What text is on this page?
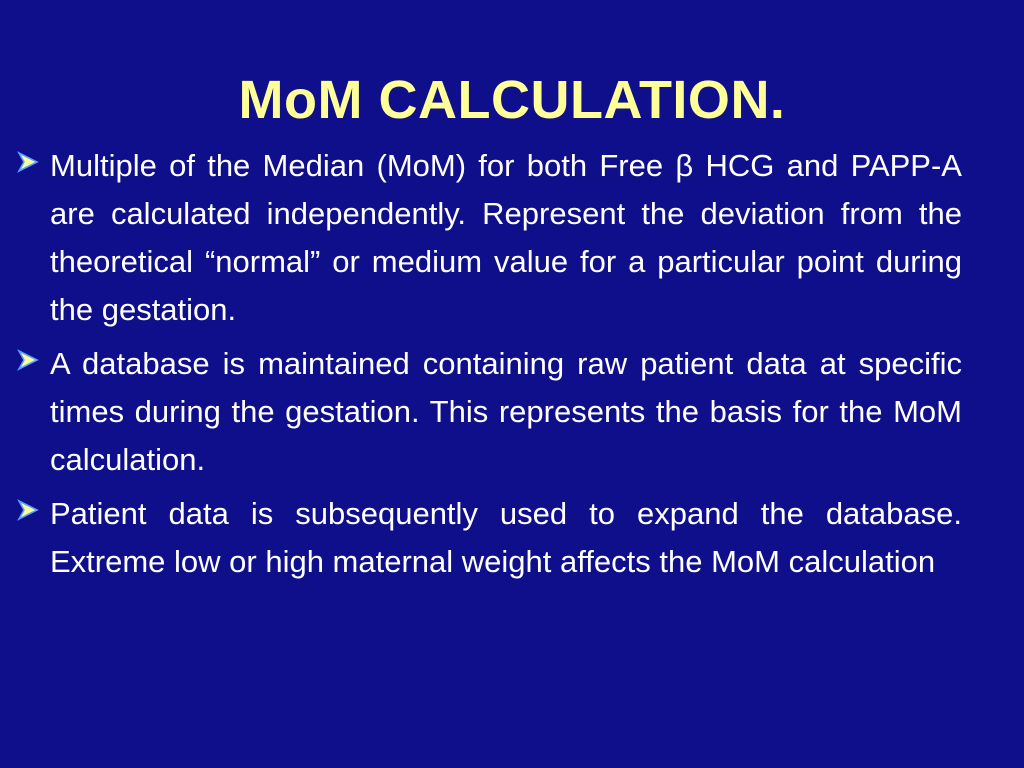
MoM CALCULATION.
Multiple of the Median (MoM) for both Free β HCG and PAPP-A are calculated independently. Represent the deviation from the theoretical “normal” or medium value for a particular point during the gestation.
A database is maintained containing raw patient data at specific times during the gestation. This represents the basis for the MoM calculation.
Patient data is subsequently used to expand the database. Extreme low or high maternal weight affects the MoM calculation
